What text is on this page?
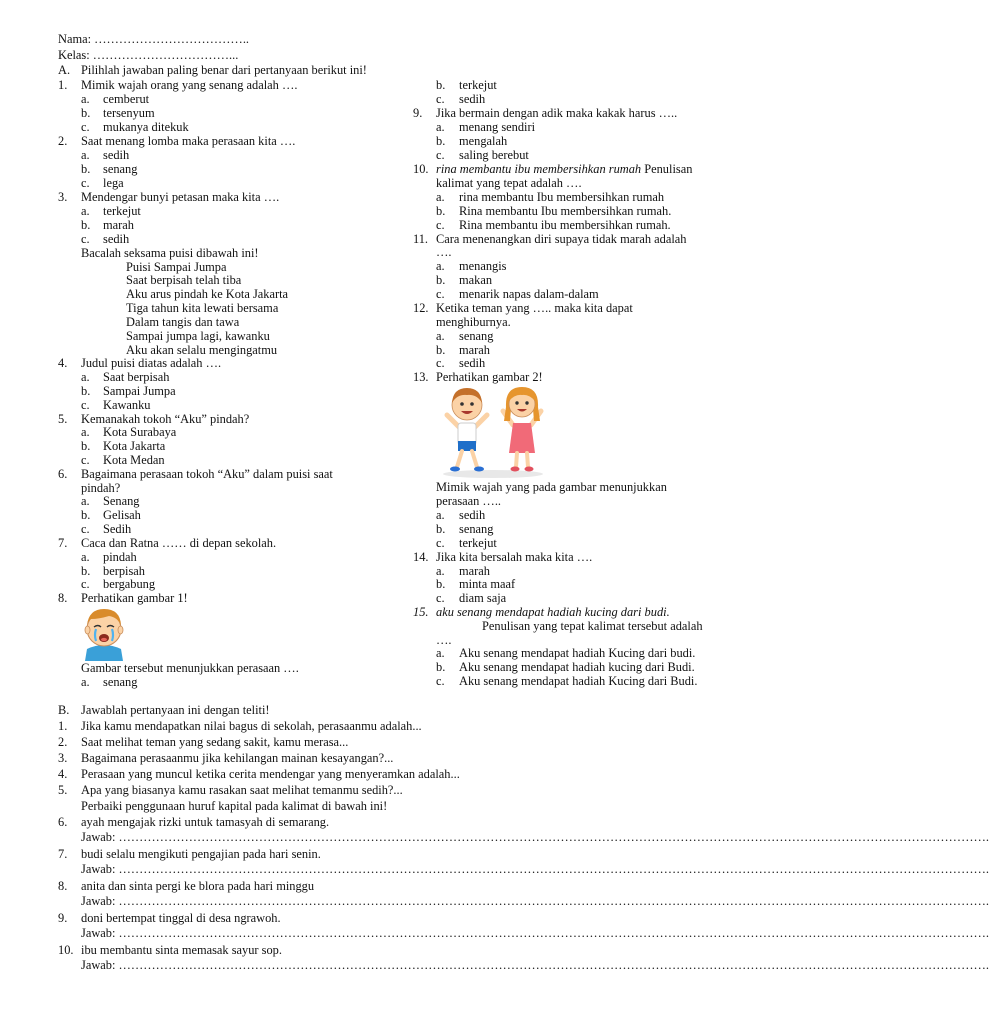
Nama: ………………………………..
Kelas: ……………………………...
A. Pilihlah jawaban paling benar dari pertanyaan berikut ini!
1. Mimik wajah orang yang senang adalah ….
a. cemberut
b. tersenyum
c. mukanya ditekuk
2. Saat menang lomba maka perasaan kita ….
a. sedih
b. senang
c. lega
3. Mendengar bunyi petasan maka kita ….
a. terkejut
b. marah
c. sedih
Bacalah seksama puisi dibawah ini!
Puisi Sampai Jumpa
Saat berpisah telah tiba
Aku arus pindah ke Kota Jakarta
Tiga tahun kita lewati bersama
Dalam tangis dan tawa
Sampai jumpa lagi, kawanku
Aku akan selalu mengingatmu
4. Judul puisi diatas adalah ….
a. Saat berpisah
b. Sampai Jumpa
c. Kawanku
5. Kemanakah tokoh “Aku” pindah?
a. Kota Surabaya
b. Kota Jakarta
c. Kota Medan
6. Bagaimana perasaan tokoh “Aku” dalam puisi saat
pindah?
a. Senang
b. Gelisah
c. Sedih
7. Caca dan Ratna …… di depan sekolah.
a. pindah
b. berpisah
c. bergabung
8. Perhatikan gambar 1!
Gambar tersebut menunjukkan perasaan ….
a. senang
b. terkejut
c. sedih
9. Jika bermain dengan adik maka kakak harus …..
a. menang sendiri
b. mengalah
c. saling berebut
10. rina membantu ibu membersihkan rumah Penulisan
kalimat yang tepat adalah ….
a. rina membantu Ibu membersihkan rumah
b. Rina membantu Ibu membersihkan rumah.
c. Rina membantu ibu membersihkan rumah.
11. Cara menenangkan diri supaya tidak marah adalah
….
a. menangis
b. makan
c. menarik napas dalam-dalam
12. Ketika teman yang ….. maka kita dapat
menghiburnya.
a. senang
b. marah
c. sedih
13. Perhatikan gambar 2!
Mimik wajah yang pada gambar menunjukkan
perasaan …..
a. sedih
b. senang
c. terkejut
14. Jika kita bersalah maka kita ….
a. marah
b. minta maaf
c. diam saja
15. aku senang mendapat hadiah kucing dari budi.
Penulisan yang tepat kalimat tersebut adalah
….
a. Aku senang mendapat hadiah Kucing dari budi.
b. Aku senang mendapat hadiah kucing dari Budi.
c. Aku senang mendapat hadiah Kucing dari Budi.
B. Jawablah pertanyaan ini dengan teliti!
1. Jika kamu mendapatkan nilai bagus di sekolah, perasaanmu adalah...
2. Saat melihat teman yang sedang sakit, kamu merasa...
3. Bagaimana perasaanmu jika kehilangan mainan kesayangan?...
4. Perasaan yang muncul ketika cerita mendengar yang menyeramkan adalah...
5. Apa yang biasanya kamu rasakan saat melihat temanmu sedih?...
Perbaiki penggunaan huruf kapital pada kalimat di bawah ini!
6. ayah mengajak rizki untuk tamasyah di semarang.
Jawab: ………………………………………………………………………………………………………………………………………………………………………………………….
7. budi selalu mengikuti pengajian pada hari senin.
Jawab: ………………………………………………………………………………………………………………………………………………………………………………………….
8. anita dan sinta pergi ke blora pada hari minggu
Jawab: ………………………………………………………………………………………………………………………………………………………………………………………….
9. doni bertempat tinggal di desa ngrawoh.
Jawab: ………………………………………………………………………………………………………………………………………………………………………………………….
10. ibu membantu sinta memasak sayur sop.
Jawab: ………………………………………………………………………………………………………………………………………………………………………………………….
